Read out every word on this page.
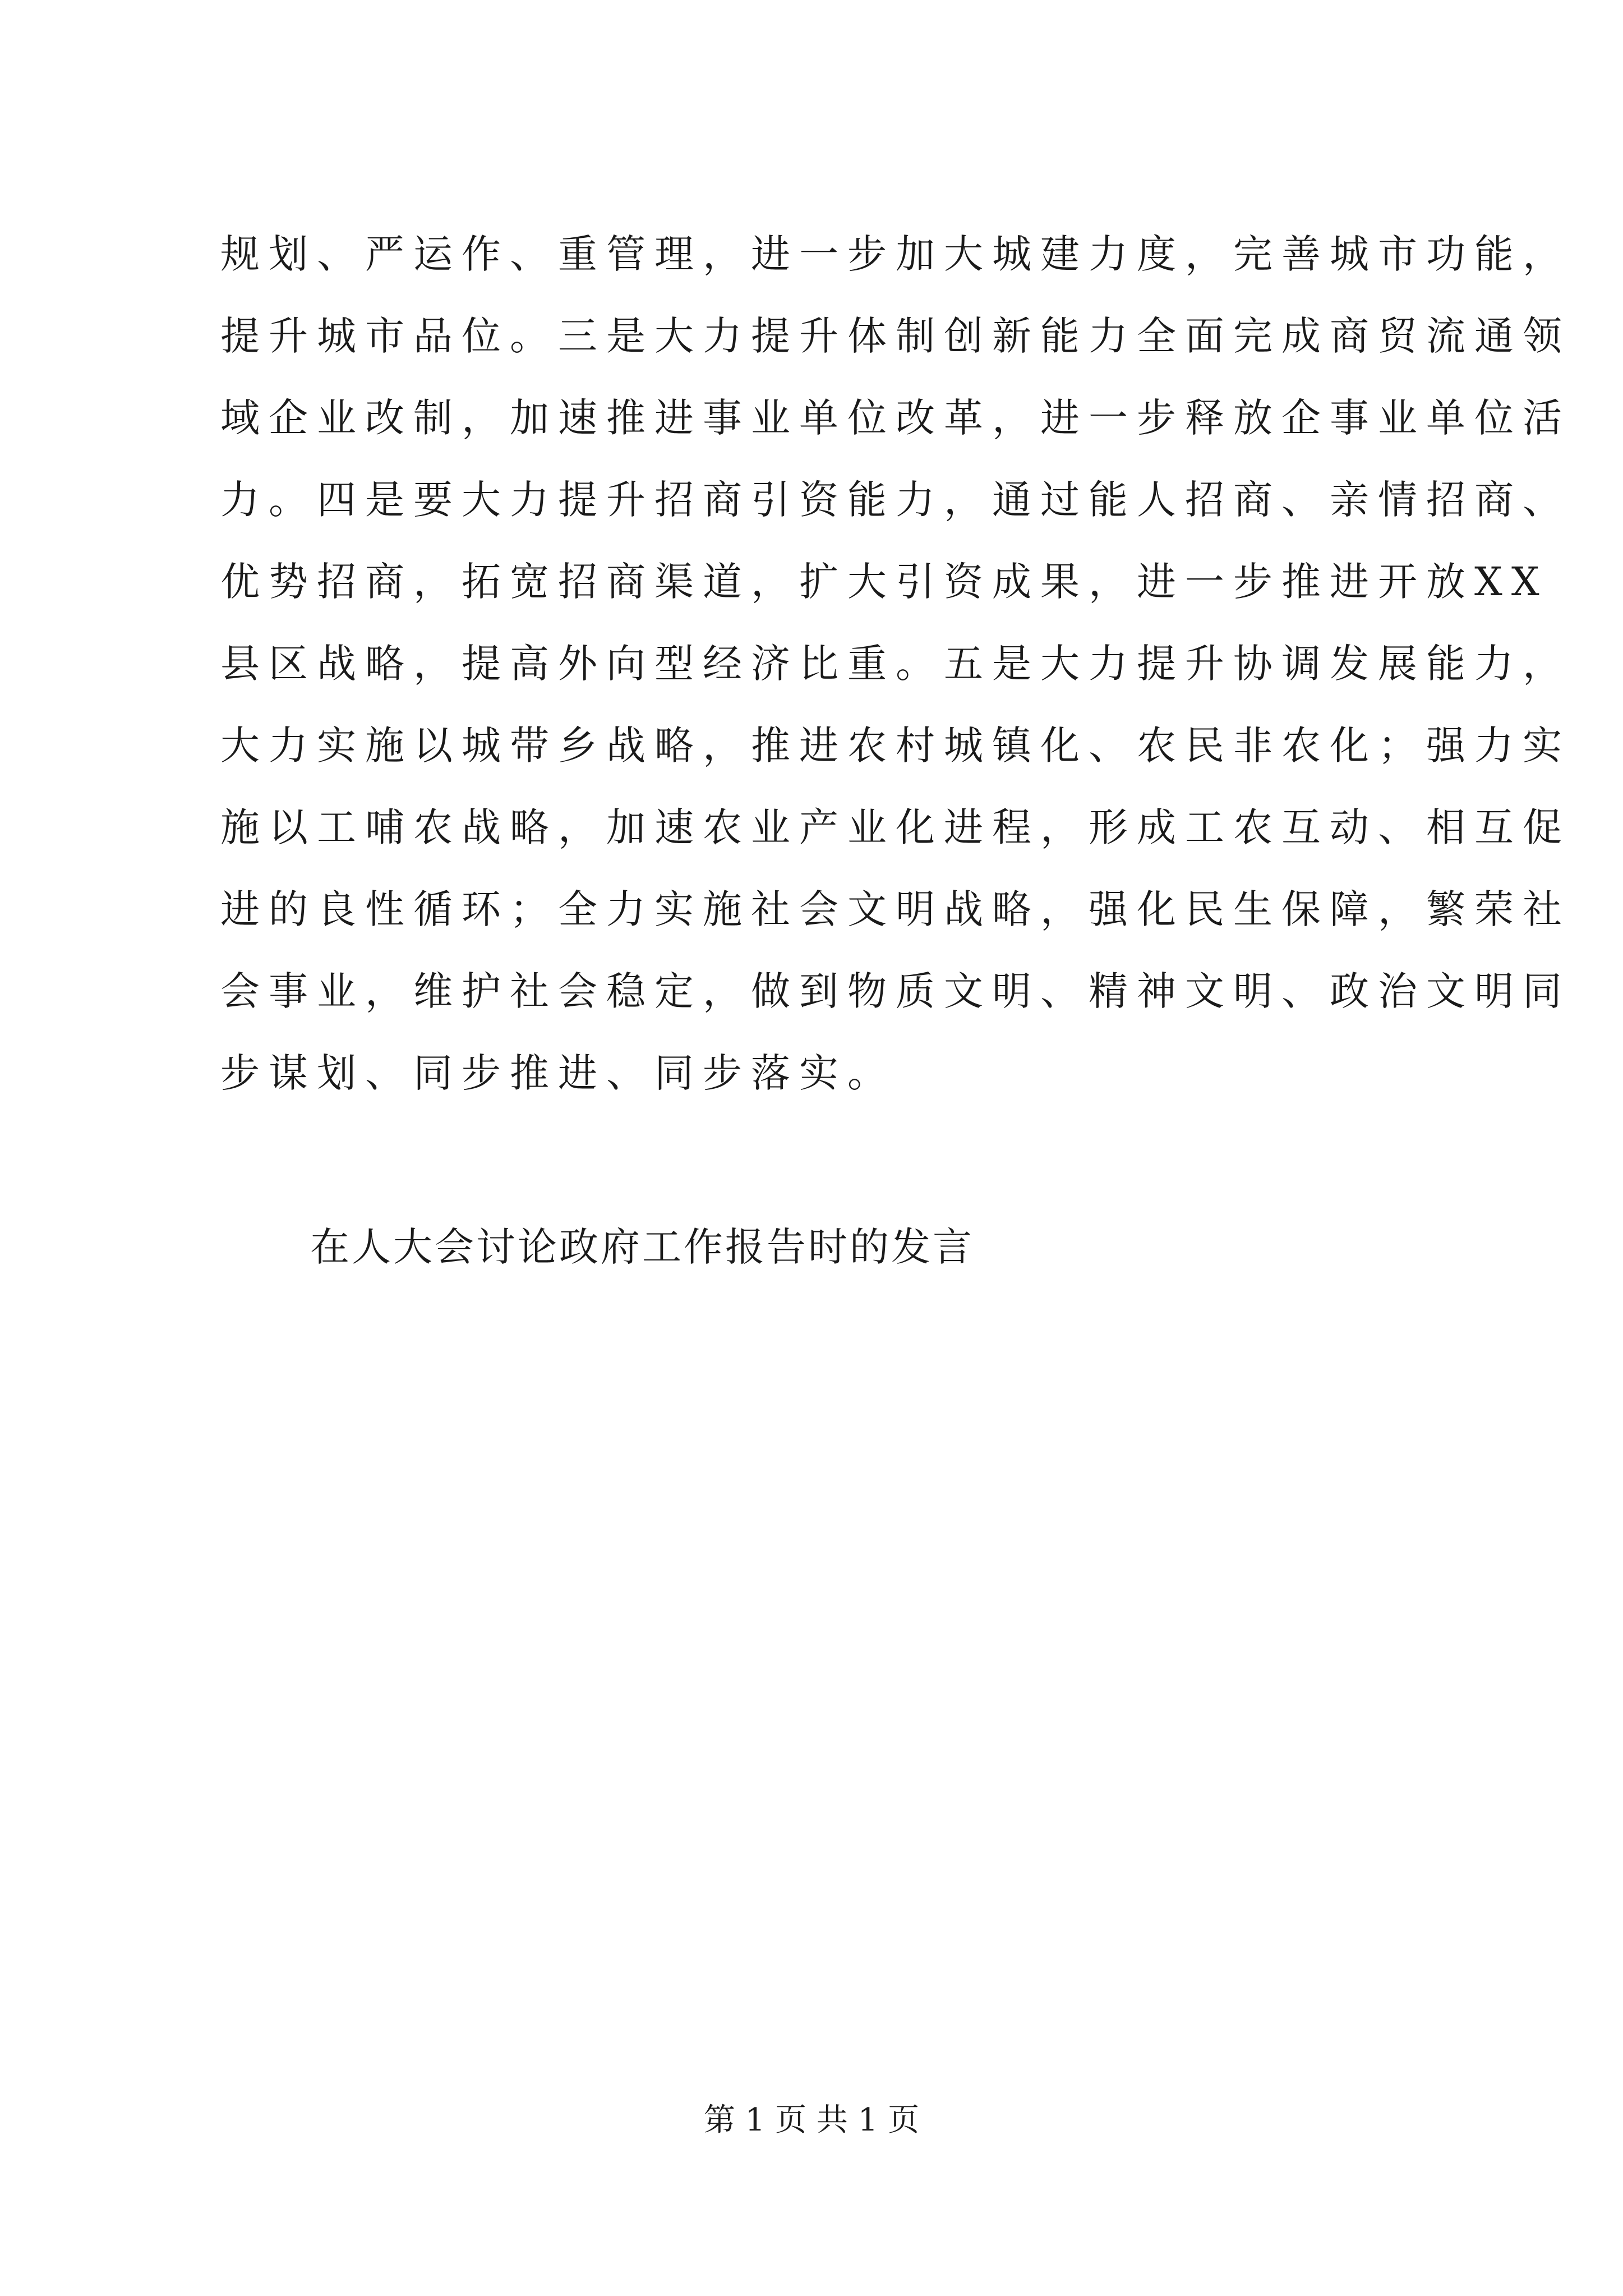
规划、严运作、重管理，进一步加大城建力度，完善城市功能，
提升城市品位。三是大力提升体制创新能力全面完成商贸流通领
域企业改制，加速推进事业单位改革，进一步释放企事业单位活
力。四是要大力提升招商引资能力，通过能人招商、亲情招商、
优势招商，拓宽招商渠道，扩大引资成果，进一步推进开放XX
县区战略，提高外向型经济比重。五是大力提升协调发展能力，
大力实施以城带乡战略，推进农村城镇化、农民非农化；强力实
施以工哺农战略，加速农业产业化进程，形成工农互动、相互促
进的良性循环；全力实施社会文明战略，强化民生保障，繁荣社
会事业，维护社会稳定，做到物质文明、精神文明、政治文明同
步谋划、同步推进、同步落实。
在人大会讨论政府工作报告时的发言
第 1 页 共 1 页
